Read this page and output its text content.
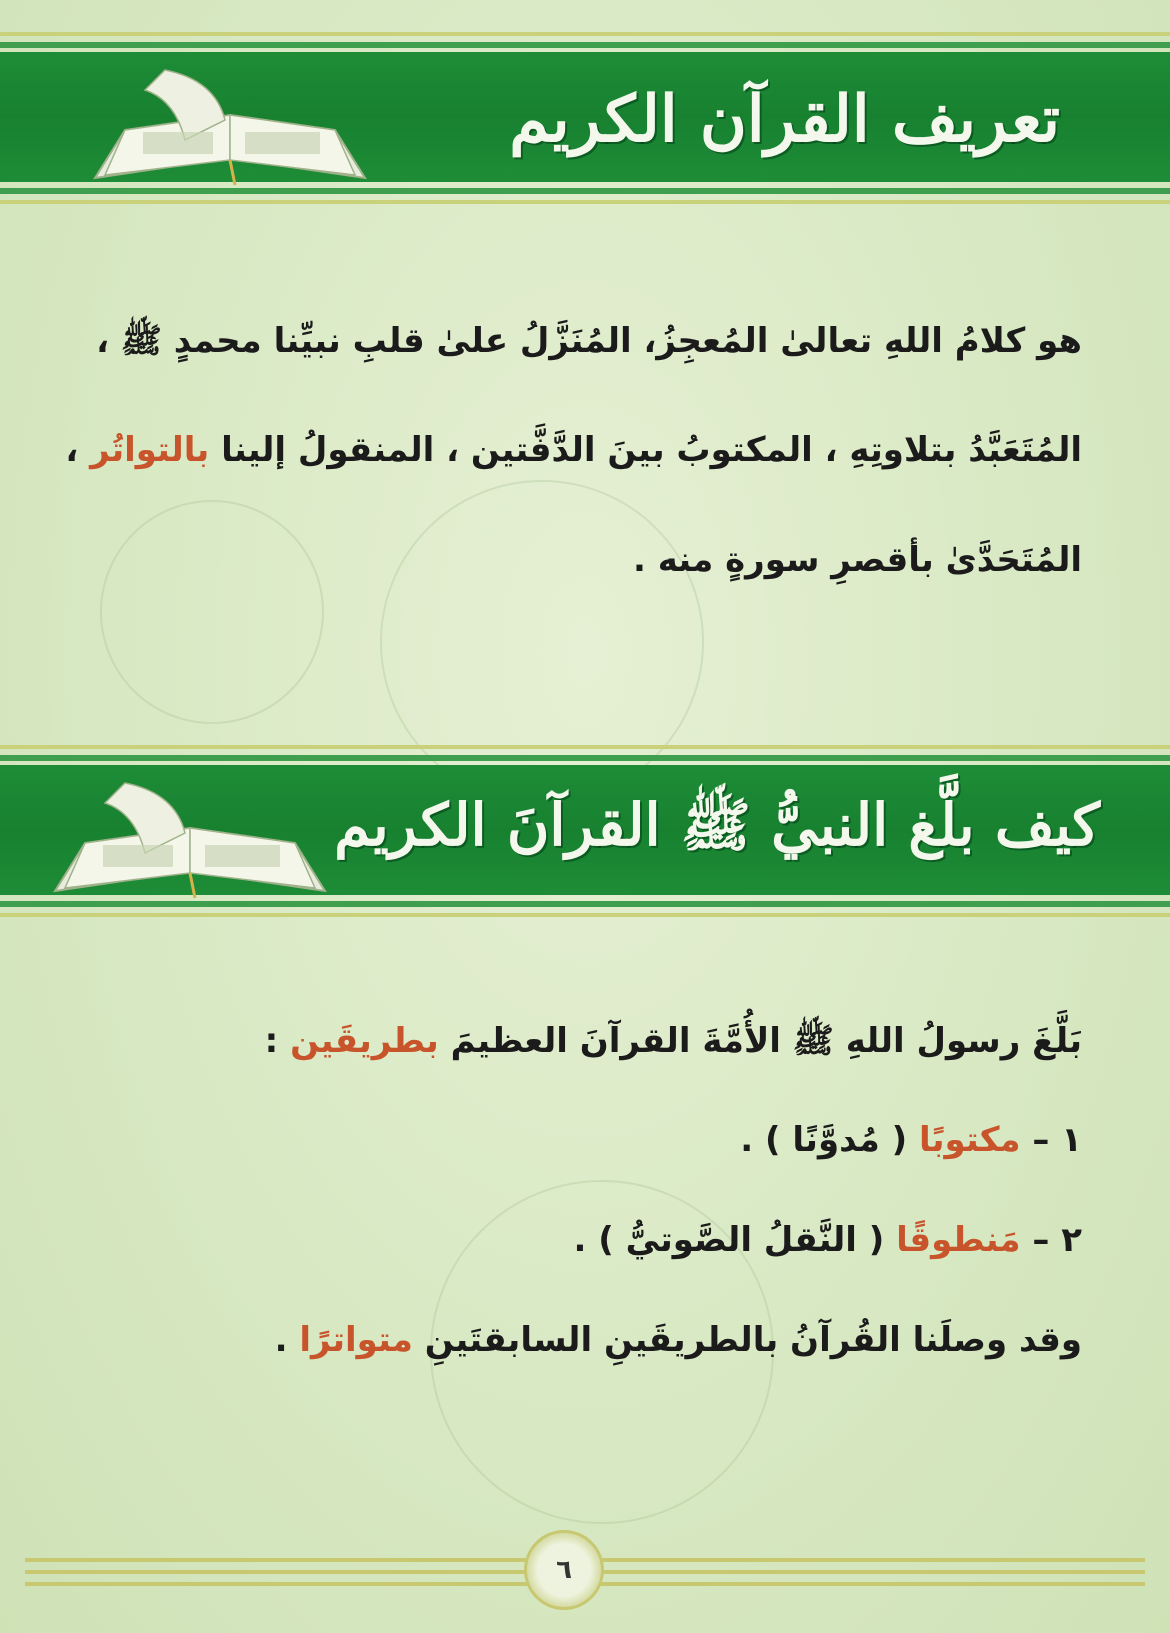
تعريف القرآن الكريم
هو كلامُ اللهِ تعالىٰ المُعجِزُ، المُنَزَّلُ علىٰ قلبِ نبيِّنا محمدٍ ﷺ ،
المُتَعَبَّدُ بتلاوتِهِ ، المكتوبُ بينَ الدَّفَّتين ، المنقولُ إلينا بالتواتُر ،
المُتَحَدَّىٰ بأقصرِ سورةٍ منه .
كيف بلَّغ النبيُّ ﷺ القرآنَ الكريم
بَلَّغَ رسولُ اللهِ ﷺ الأُمَّةَ القرآنَ العظيمَ بطريقَين :
١ – مكتوبًا ( مُدوَّنًا ) .
٢ – مَنطوقًا ( النَّقلُ الصَّوتيُّ ) .
وقد وصلَنا القُرآنُ بالطريقَينِ السابقتَينِ متواترًا .
٦
